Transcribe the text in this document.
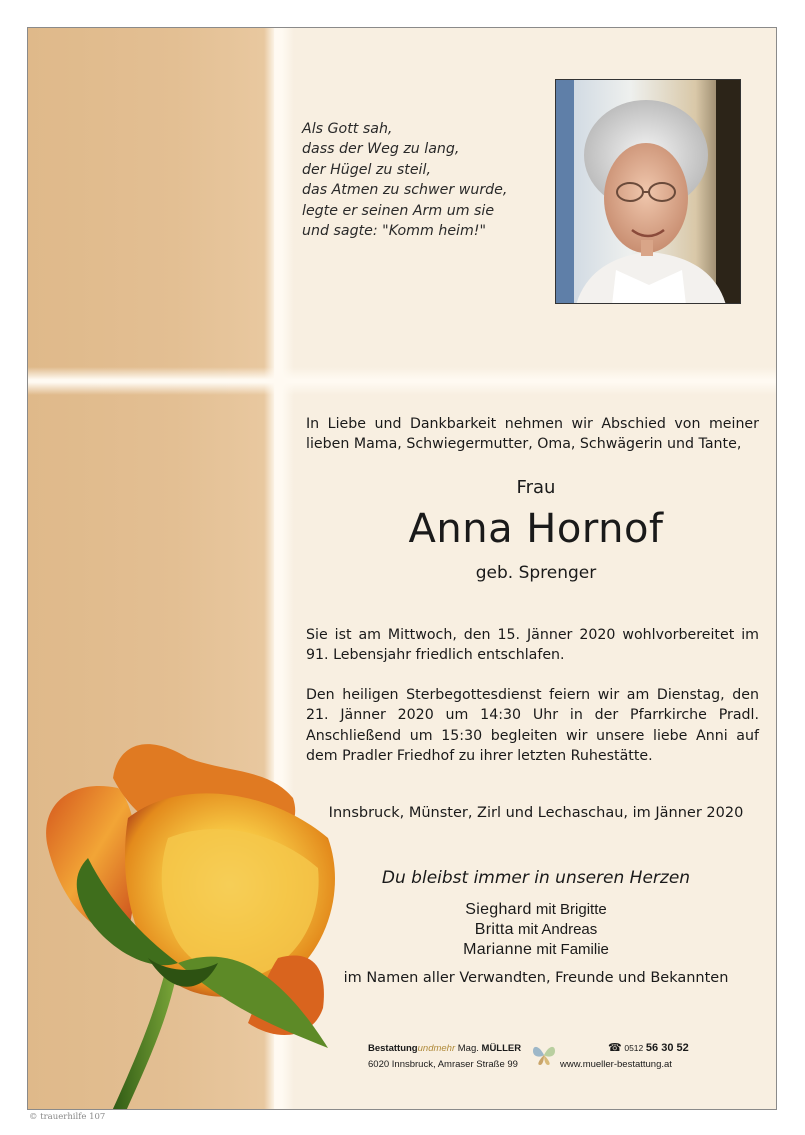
Als Gott sah,
dass der Weg zu lang,
der Hügel zu steil,
das Atmen zu schwer wurde,
legte er seinen Arm um sie
und sagte: "Komm heim!"
In Liebe und Dankbarkeit nehmen wir Abschied von meiner lieben Mama, Schwiegermutter, Oma, Schwägerin und Tante,
Frau
Anna Hornof
geb. Sprenger
Sie ist am Mittwoch, den 15. Jänner 2020 wohlvorbereitet im 91. Lebensjahr friedlich entschlafen.
Den heiligen Sterbegottesdienst feiern wir am Dienstag, den 21. Jänner 2020 um 14:30 Uhr in der Pfarrkirche Pradl. Anschließend um 15:30 begleiten wir unsere liebe Anni auf dem Pradler Friedhof zu ihrer letzten Ruhestätte.
Innsbruck, Münster, Zirl und Lechaschau, im Jänner 2020
Du bleibst immer in unseren Herzen
Sieghard mit Brigitte
Britta mit Andreas
Marianne mit Familie
im Namen aller Verwandten, Freunde und Bekannten
Bestattungundmehr Mag. MÜLLER
6020 Innsbruck, Amraser Straße 99
☎ 0512 56 30 52
www.mueller-bestattung.at
© trauerhilfe 107
